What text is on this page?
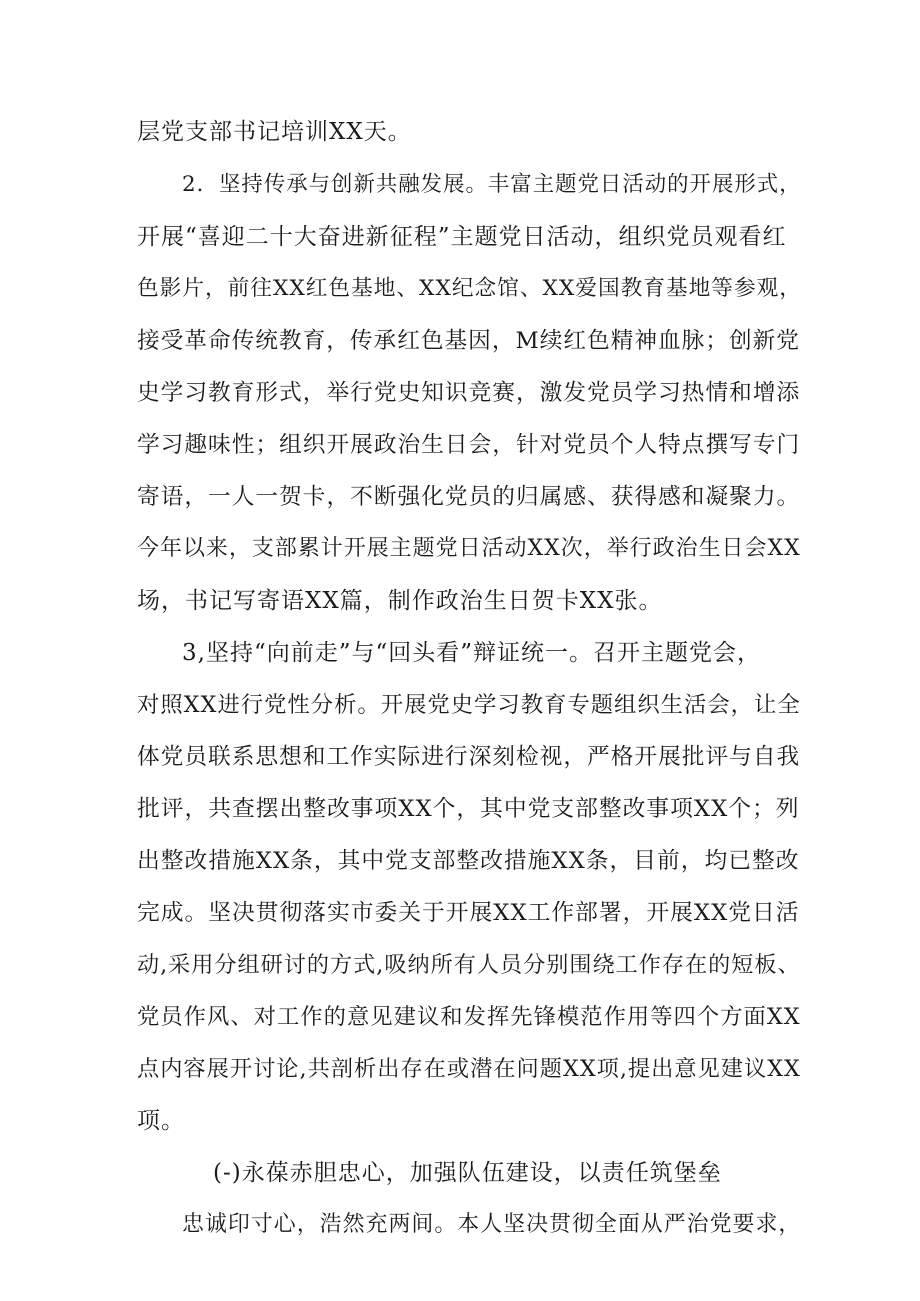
层党支部书记培训XX天。
2．坚持传承与创新共融发展。丰富主题党日活动的开展形式，
开展“喜迎二十大奋进新征程”主题党日活动，组织党员观看红
色影片，前往XX红色基地、XX纪念馆、XX爱国教育基地等参观，
接受革命传统教育，传承红色基因，M续红色精神血脉；创新党
史学习教育形式，举行党史知识竞赛，激发党员学习热情和增添
学习趣味性；组织开展政治生日会，针对党员个人特点撰写专门
寄语，一人一贺卡，不断强化党员的归属感、获得感和凝聚力。
今年以来，支部累计开展主题党日活动XX次，举行政治生日会XX
场，书记写寄语XX篇，制作政治生日贺卡XX张。
3,坚持“向前走”与“回头看”辩证统一。召开主题党会，
对照XX进行党性分析。开展党史学习教育专题组织生活会，让全
体党员联系思想和工作实际进行深刻检视，严格开展批评与自我
批评，共查摆出整改事项XX个，其中党支部整改事项XX个；列
出整改措施XX条，其中党支部整改措施XX条，目前，均已整改
完成。坚决贯彻落实市委关于开展XX工作部署，开展XX党日活
动,采用分组研讨的方式,吸纳所有人员分别围绕工作存在的短板、
党员作风、对工作的意见建议和发挥先锋模范作用等四个方面XX
点内容展开讨论,共剖析出存在或潜在问题XX项,提出意见建议XX
项。
(-)永葆赤胆忠心，加强队伍建设，以责任筑堡垒
忠诚印寸心，浩然充两间。本人坚决贯彻全面从严治党要求，
